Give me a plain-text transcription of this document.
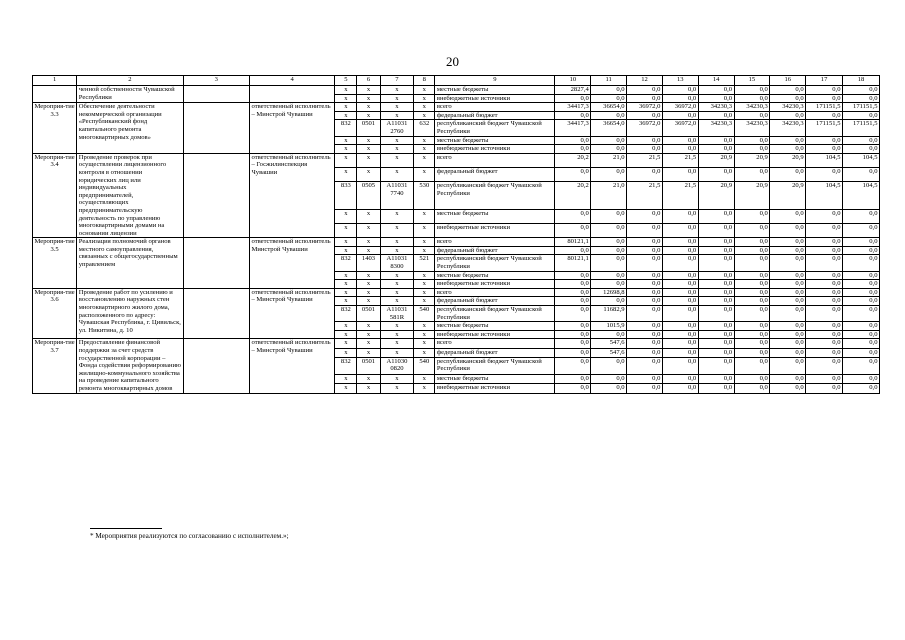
20
1	2	3	4	5	6	7	8	9	10	11	12	13	14	15	16	17	18
	ченной собственности Чувашской Республики			x	x	x	x	местные бюджеты	2827,4	0,0	0,0	0,0	0,0	0,0	0,0	0,0	0,0
				x	x	x	x	внебюджетные источники	0,0	0,0	0,0	0,0	0,0	0,0	0,0	0,0	0,0
Мероприя-тие 3.3	Обеспечение деятельности некоммерческой организации «Республиканский фонд капитального ремонта многоквартирных домов»		ответственный исполнитель – Минстрой Чувашии	x	x	x	x	всего	34417,3	36654,0	36972,0	36972,0	34230,3	34230,3	34230,3	171151,5	171151,5
				x	x	x	x	федеральный бюджет	0,0	0,0	0,0	0,0	0,0	0,0	0,0	0,0	0,0
				832	0501	А11031 2760	632	республиканский бюджет Чувашской Республики	34417,3	36654,0	36972,0	36972,0	34230,3	34230,3	34230,3	171151,5	171151,5
				x	x	x	x	местные бюджеты	0,0	0,0	0,0	0,0	0,0	0,0	0,0	0,0	0,0
				x	x	x	x	внебюджетные источники	0,0	0,0	0,0	0,0	0,0	0,0	0,0	0,0	0,0
Мероприя-тие 3.4	Проведение проверок при осуществлении лицензионного контроля в отношении юридических лиц или индивидуальных предпринимателей, осуществляющих предпринимательскую деятельность по управлению многоквартирными домами на основании лицензии		ответственный исполнитель – Госжилинспекция Чувашии	x	x	x	x	всего	20,2	21,0	21,5	21,5	20,9	20,9	20,9	104,5	104,5
				x	x	x	x	федеральный бюджет	0,0	0,0	0,0	0,0	0,0	0,0	0,0	0,0	0,0
				833	0505	А11031 7740	530	республиканский бюджет Чувашской Республики	20,2	21,0	21,5	21,5	20,9	20,9	20,9	104,5	104,5
				x	x	x	x	местные бюджеты	0,0	0,0	0,0	0,0	0,0	0,0	0,0	0,0	0,0
				x	x	x	x	внебюджетные источники	0,0	0,0	0,0	0,0	0,0	0,0	0,0	0,0	0,0
Мероприя-тие 3.5	Реализация полномочий органов местного самоуправления, связанных с общегосударственным управлением		ответственный исполнитель Минстрой Чувашии	x	x	x	x	всего	80121,1	0,0	0,0	0,0	0,0	0,0	0,0	0,0	0,0
				x	x	x	x	федеральный бюджет	0,0	0,0	0,0	0,0	0,0	0,0	0,0	0,0	0,0
				832	1403	А11031 8300	521	республиканский бюджет Чувашской Республики	80121,1	0,0	0,0	0,0	0,0	0,0	0,0	0,0	0,0
				x	x	x	x	местные бюджеты	0,0	0,0	0,0	0,0	0,0	0,0	0,0	0,0	0,0
				x	x	x	x	внебюджетные источники	0,0	0,0	0,0	0,0	0,0	0,0	0,0	0,0	0,0
Мероприя-тие 3.6	Проведение работ по усилению и восстановлению наружных стен многоквартирного жилого дома, расположенного по адресу: Чувашская Республика, г. Цивильск, ул. Никитина, д. 10		ответственный исполнитель – Минстрой Чувашии	x	x	x	x	всего	0,0	12698,8	0,0	0,0	0,0	0,0	0,0	0,0	0,0
				x	x	x	x	федеральный бюджет	0,0	0,0	0,0	0,0	0,0	0,0	0,0	0,0	0,0
				832	0501	А11031 581R	540	республиканский бюджет Чувашской Республики	0,0	11682,9	0,0	0,0	0,0	0,0	0,0	0,0	0,0
				x	x	x	x	местные бюджеты	0,0	1015,9	0,0	0,0	0,0	0,0	0,0	0,0	0,0
				x	x	x	x	внебюджетные источники	0,0	0,0	0,0	0,0	0,0	0,0	0,0	0,0	0,0
Мероприя-тие 3.7	Предоставление финансовой поддержки за счет средств государственной корпорации – Фонда содействия реформированию жилищно-коммунального хозяйства на проведение капитального ремонта многоквартирных домов		ответственный исполнитель – Минстрой Чувашии	x	x	x	x	всего	0,0	547,6	0,0	0,0	0,0	0,0	0,0	0,0	0,0
				x	x	x	x	федеральный бюджет	0,0	547,6	0,0	0,0	0,0	0,0	0,0	0,0	0,0
				832	0501	А11030 0820	540	республиканский бюджет Чувашской Республики	0,0	0,0	0,0	0,0	0,0	0,0	0,0	0,0	0,0
				x	x	x	x	местные бюджеты	0,0	0,0	0,0	0,0	0,0	0,0	0,0	0,0	0,0
				x	x	x	x	внебюджетные источники	0,0	0,0	0,0	0,0	0,0	0,0	0,0	0,0	0,0
* Мероприятия реализуются по согласованию с исполнителем.»;
